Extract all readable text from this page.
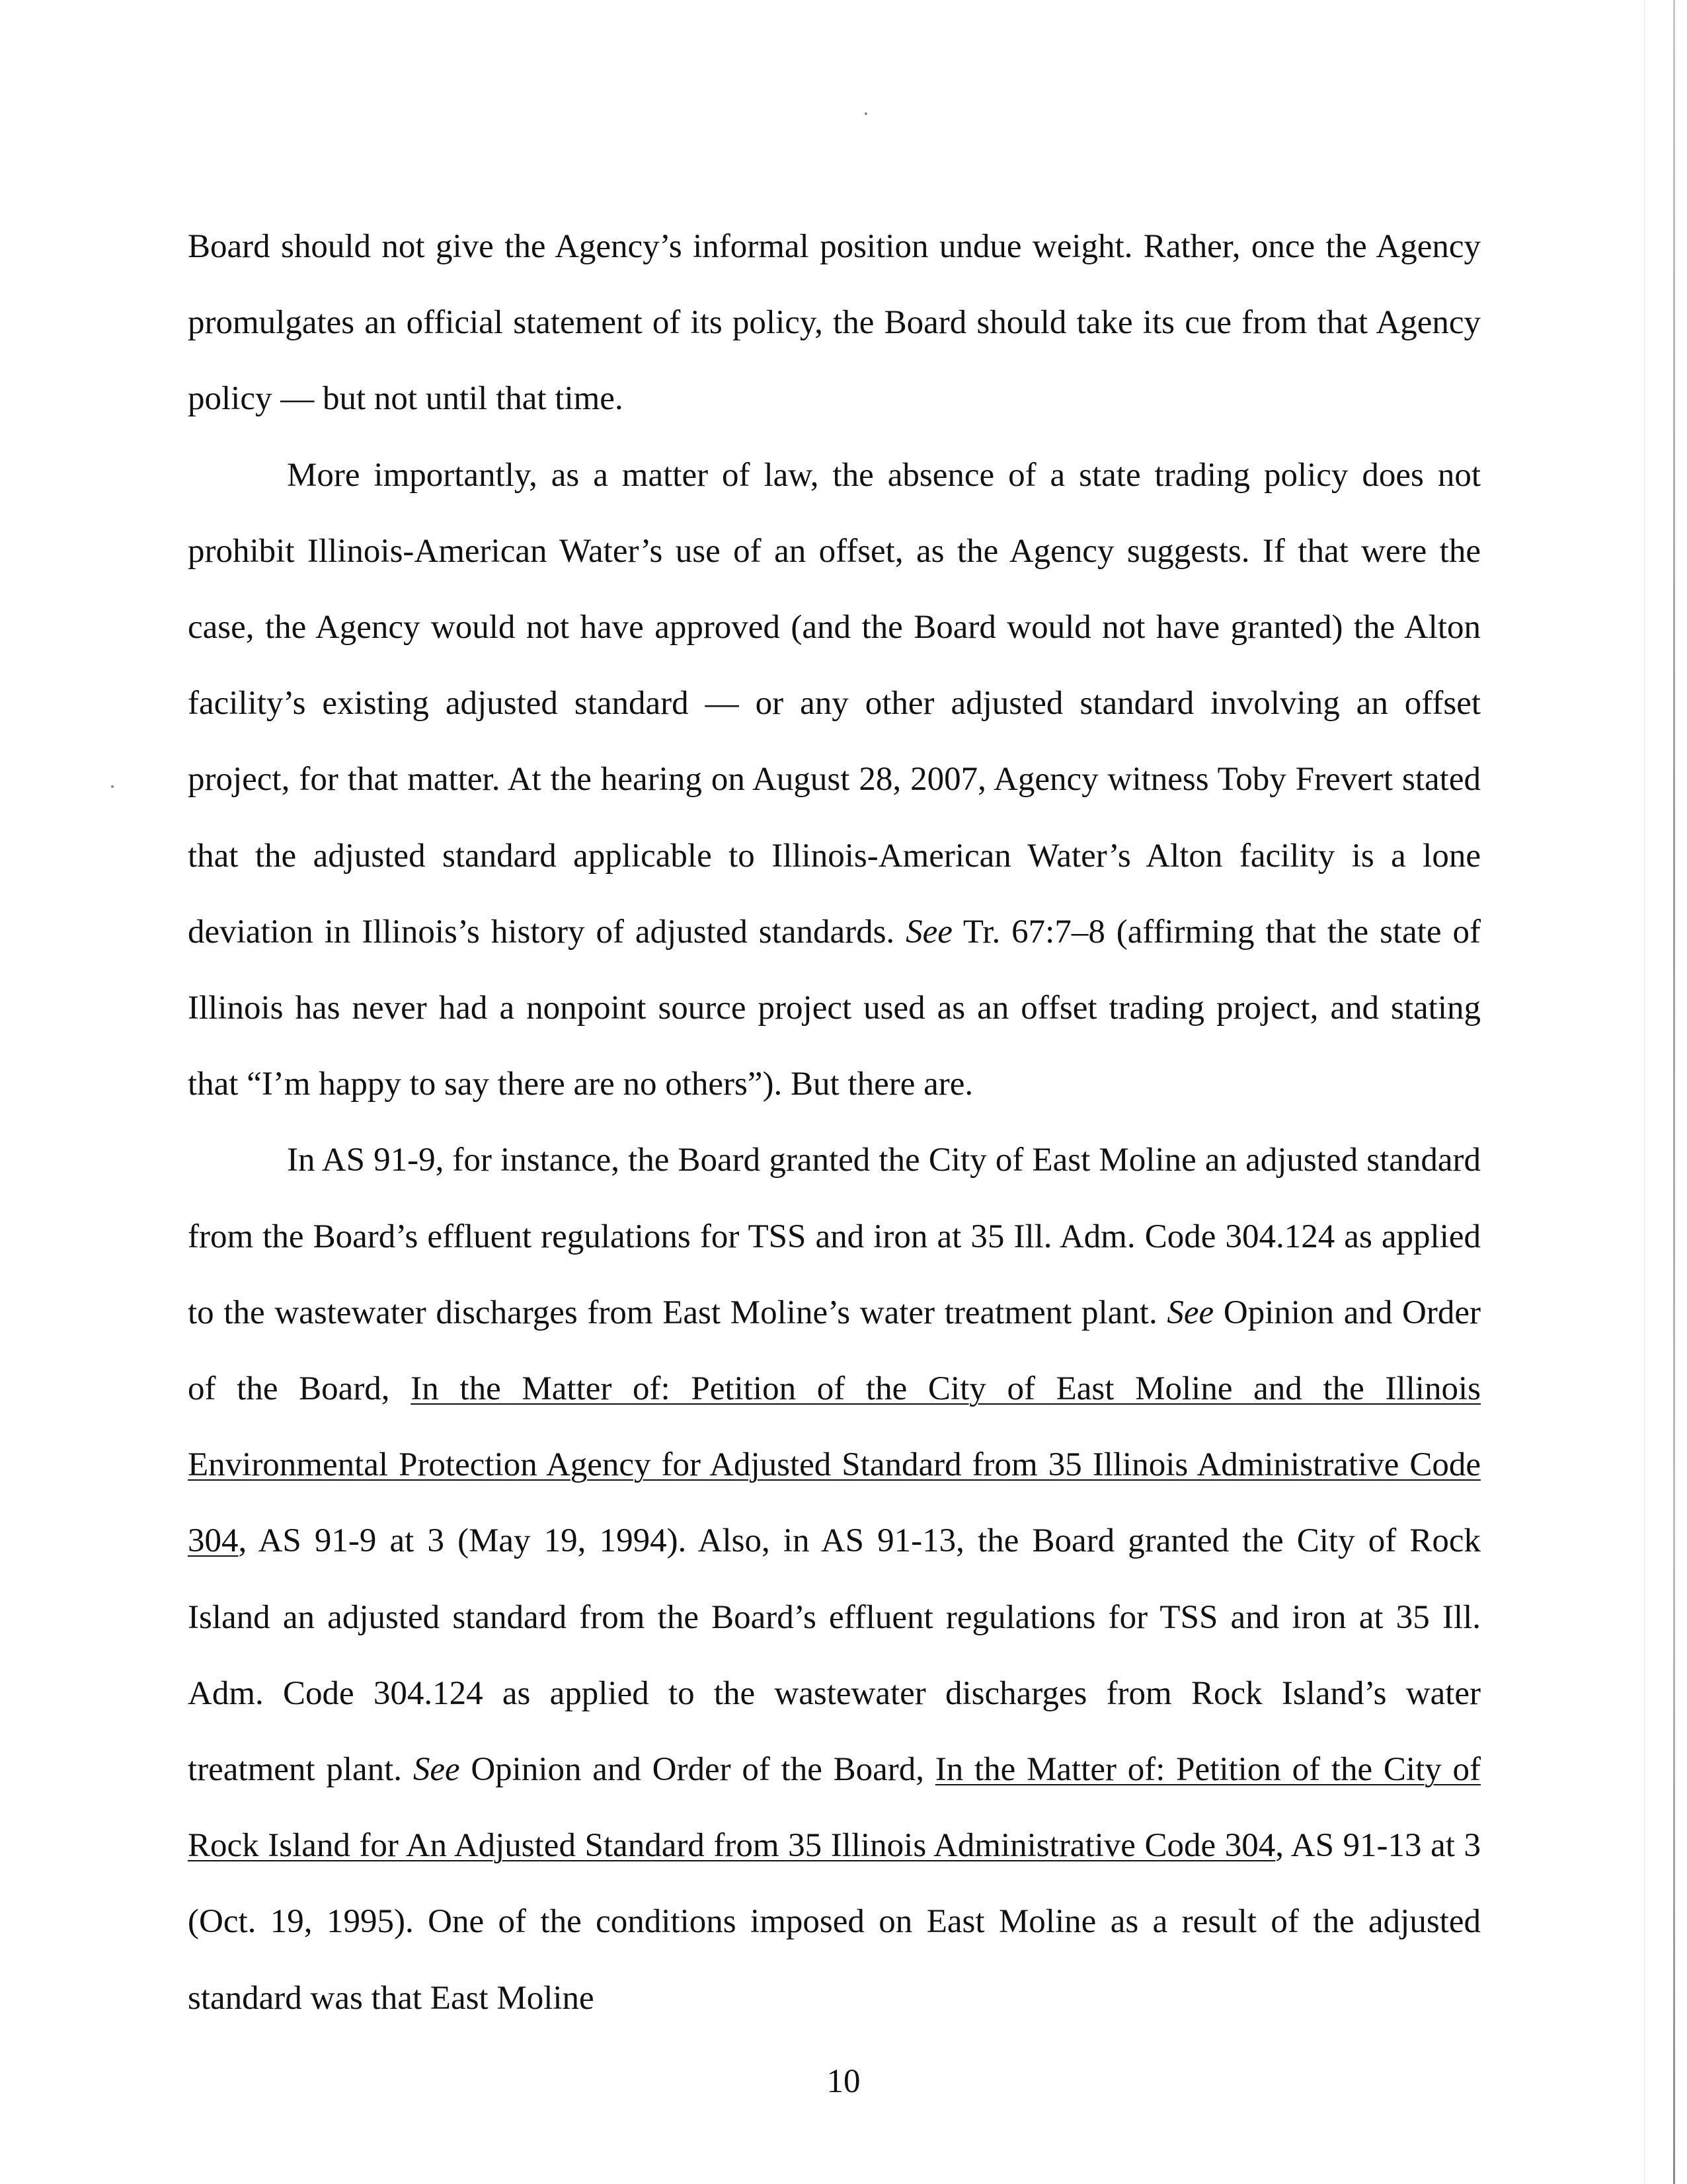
Board should not give the Agency’s informal position undue weight. Rather, once the Agency promulgates an official statement of its policy, the Board should take its cue from that Agency policy — but not until that time.

More importantly, as a matter of law, the absence of a state trading policy does not prohibit Illinois-American Water’s use of an offset, as the Agency suggests. If that were the case, the Agency would not have approved (and the Board would not have granted) the Alton facility’s existing adjusted standard — or any other adjusted standard involving an offset project, for that matter. At the hearing on August 28, 2007, Agency witness Toby Frevert stated that the adjusted standard applicable to Illinois-American Water’s Alton facility is a lone deviation in Illinois’s history of adjusted standards. See Tr. 67:7–8 (affirming that the state of Illinois has never had a nonpoint source project used as an offset trading project, and stating that “I’m happy to say there are no others”). But there are.

In AS 91-9, for instance, the Board granted the City of East Moline an adjusted standard from the Board’s effluent regulations for TSS and iron at 35 Ill. Adm. Code 304.124 as applied to the wastewater discharges from East Moline’s water treatment plant. See Opinion and Order of the Board, In the Matter of: Petition of the City of East Moline and the Illinois Environmental Protection Agency for Adjusted Standard from 35 Illinois Administrative Code 304, AS 91-9 at 3 (May 19, 1994). Also, in AS 91-13, the Board granted the City of Rock Island an adjusted standard from the Board’s effluent regulations for TSS and iron at 35 Ill. Adm. Code 304.124 as applied to the wastewater discharges from Rock Island’s water treatment plant. See Opinion and Order of the Board, In the Matter of: Petition of the City of Rock Island for An Adjusted Standard from 35 Illinois Administrative Code 304, AS 91-13 at 3 (Oct. 19, 1995). One of the conditions imposed on East Moline as a result of the adjusted standard was that East Moline

10
